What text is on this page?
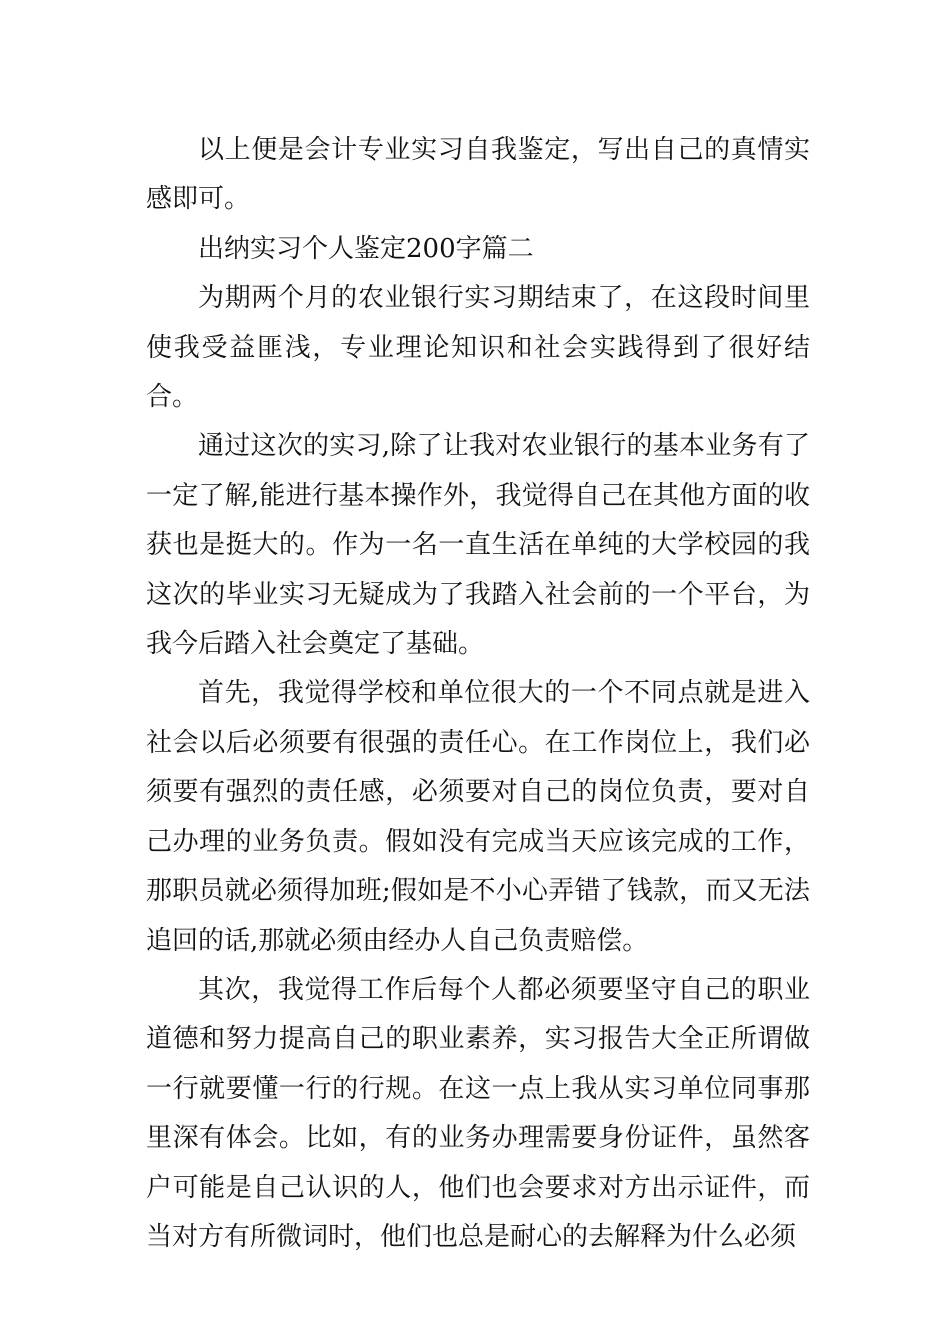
以上便是会计专业实习自我鉴定，写出自己的真情实感即可。

出纳实习个人鉴定200字篇二

为期两个月的农业银行实习期结束了，在这段时间里使我受益匪浅，专业理论知识和社会实践得到了很好结合。

通过这次的实习,除了让我对农业银行的基本业务有了一定了解,能进行基本操作外，我觉得自己在其他方面的收获也是挺大的。作为一名一直生活在单纯的大学校园的我这次的毕业实习无疑成为了我踏入社会前的一个平台，为我今后踏入社会奠定了基础。

首先，我觉得学校和单位很大的一个不同点就是进入社会以后必须要有很强的责任心。在工作岗位上，我们必须要有强烈的责任感，必须要对自己的岗位负责，要对自己办理的业务负责。假如没有完成当天应该完成的工作，那职员就必须得加班;假如是不小心弄错了钱款，而又无法追回的话,那就必须由经办人自己负责赔偿。

其次，我觉得工作后每个人都必须要坚守自己的职业道德和努力提高自己的职业素养，实习报告大全正所谓做一行就要懂一行的行规。在这一点上我从实习单位同事那里深有体会。比如，有的业务办理需要身份证件，虽然客户可能是自己认识的人，他们也会要求对方出示证件，而当对方有所微词时，他们也总是耐心的去解释为什么必须
